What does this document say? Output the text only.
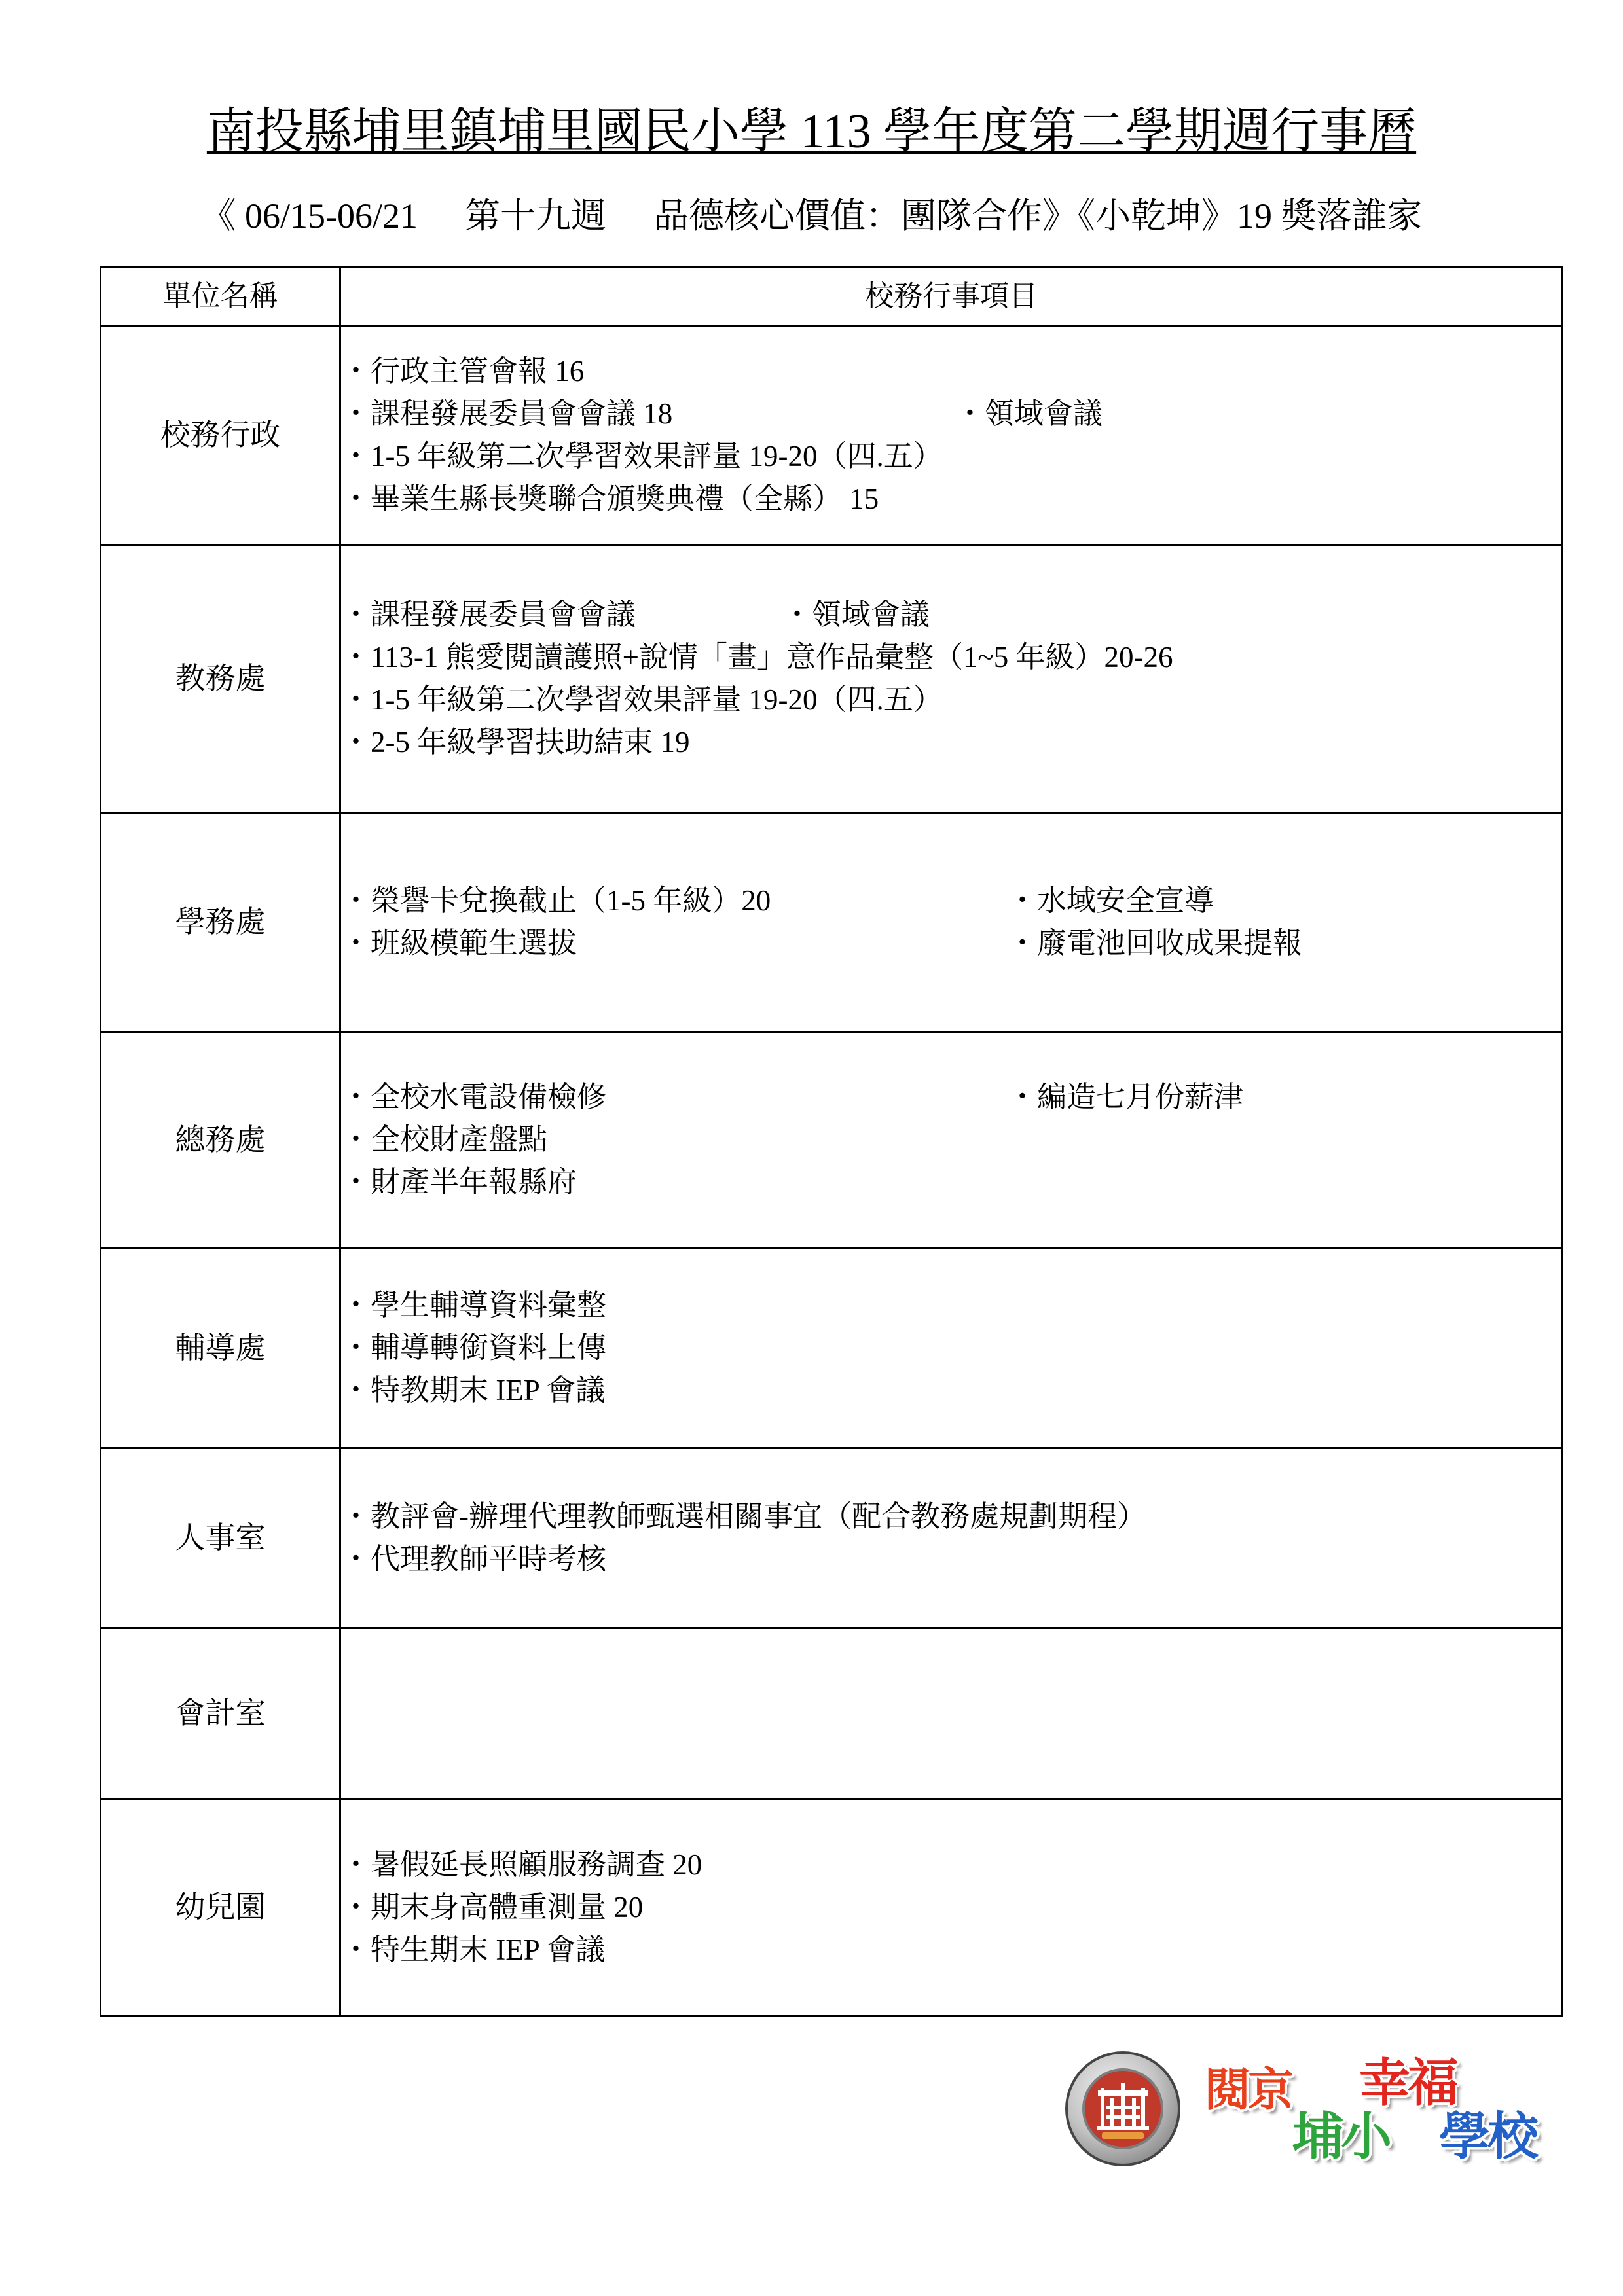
南投縣埔里鎮埔里國民小學 113 學年度第二學期週行事曆
《 06/15-06/21 第十九週 品德核心價值：團隊合作》《小乾坤》19 獎落誰家
單位名稱	校務行事項目
校務行政	・行政主管會報 16
・課程發展委員會會議 18 ・領域會議
・1-5 年級第二次學習效果評量 19-20（四.五）
・畢業生縣長獎聯合頒獎典禮（全縣） 15

教務處	・課程發展委員會會議 ・領域會議
・113-1 熊愛閱讀護照+說情「畫」意作品彙整（1~5 年級）20-26
・1-5 年級第二次學習效果評量 19-20（四.五）
・2-5 年級學習扶助結束 19

學務處	・榮譽卡兌換截止（1-5 年級）20 ・水域安全宣導
・班級模範生選拔 ・廢電池回收成果提報

總務處	・全校水電設備檢修 ・編造七月份薪津
・全校財產盤點
・財產半年報縣府

輔導處	・學生輔導資料彙整
・輔導轉銜資料上傳
・特教期末 IEP 會議

人事室	・教評會-辦理代理教師甄選相關事宜（配合教務處規劃期程）
・代理教師平時考核

會計室	
幼兒園	・暑假延長照顧服務調查 20
・期末身高體重測量 20
・特生期末 IEP 會議
閱京 幸福
埔小 學校
